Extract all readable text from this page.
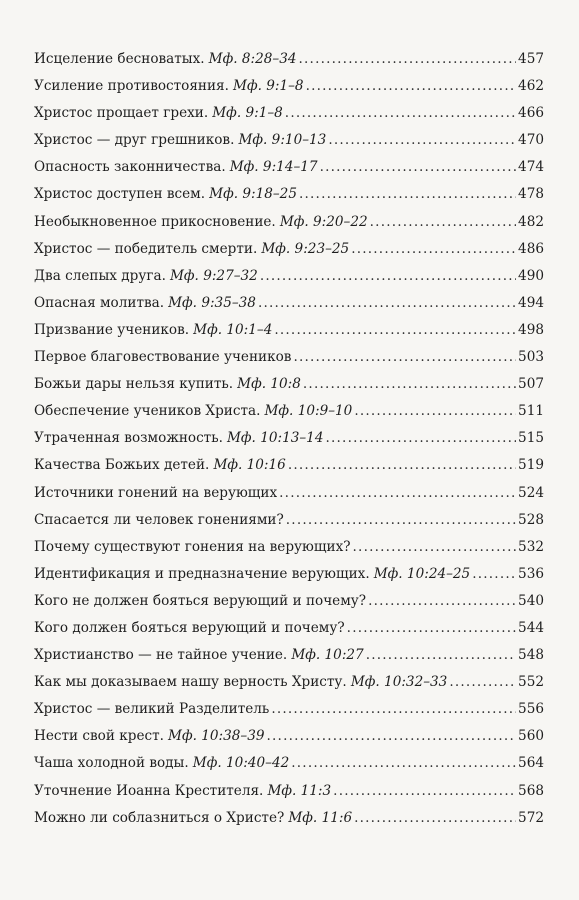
Исцеление бесноватых. Мф. 8:28–34 .....	457
Усиление противостояния. Мф. 9:1–8 .....	462
Христос прощает грехи. Мф. 9:1–8 .....	466
Христос — друг грешников. Мф. 9:10–13 .....	470
Опасность законничества. Мф. 9:14–17 .....	474
Христос доступен всем. Мф. 9:18–25 .....	478
Необыкновенное прикосновение. Мф. 9:20–22 .....	482
Христос — победитель смерти. Мф. 9:23–25 .....	486
Два слепых друга. Мф. 9:27–32 .....	490
Опасная молитва. Мф. 9:35–38 .....	494
Призвание учеников. Мф. 10:1–4 .....	498
Первое благовествование учеников .....	503
Божьи дары нельзя купить. Мф. 10:8 .....	507
Обеспечение учеников Христа. Мф. 10:9–10 .....	511
Утраченная возможность. Мф. 10:13–14 .....	515
Качества Божьих детей. Мф. 10:16 .....	519
Источники гонений на верующих .....	524
Спасается ли человек гонениями? .....	528
Почему существуют гонения на верующих? .....	532
Идентификация и предназначение верующих. Мф. 10:24–25 .....	536
Кого не должен бояться верующий и почему? .....	540
Кого должен бояться верующий и почему? .....	544
Христианство — не тайное учение. Мф. 10:27 .....	548
Как мы доказываем нашу верность Христу. Мф. 10:32–33 .....	552
Христос — великий Разделитель .....	556
Нести свой крест. Мф. 10:38–39 .....	560
Чаша холодной воды. Мф. 10:40–42 .....	564
Уточнение Иоанна Крестителя. Мф. 11:3 .....	568
Можно ли соблазниться о Христе? Мф. 11:6 .....	572
